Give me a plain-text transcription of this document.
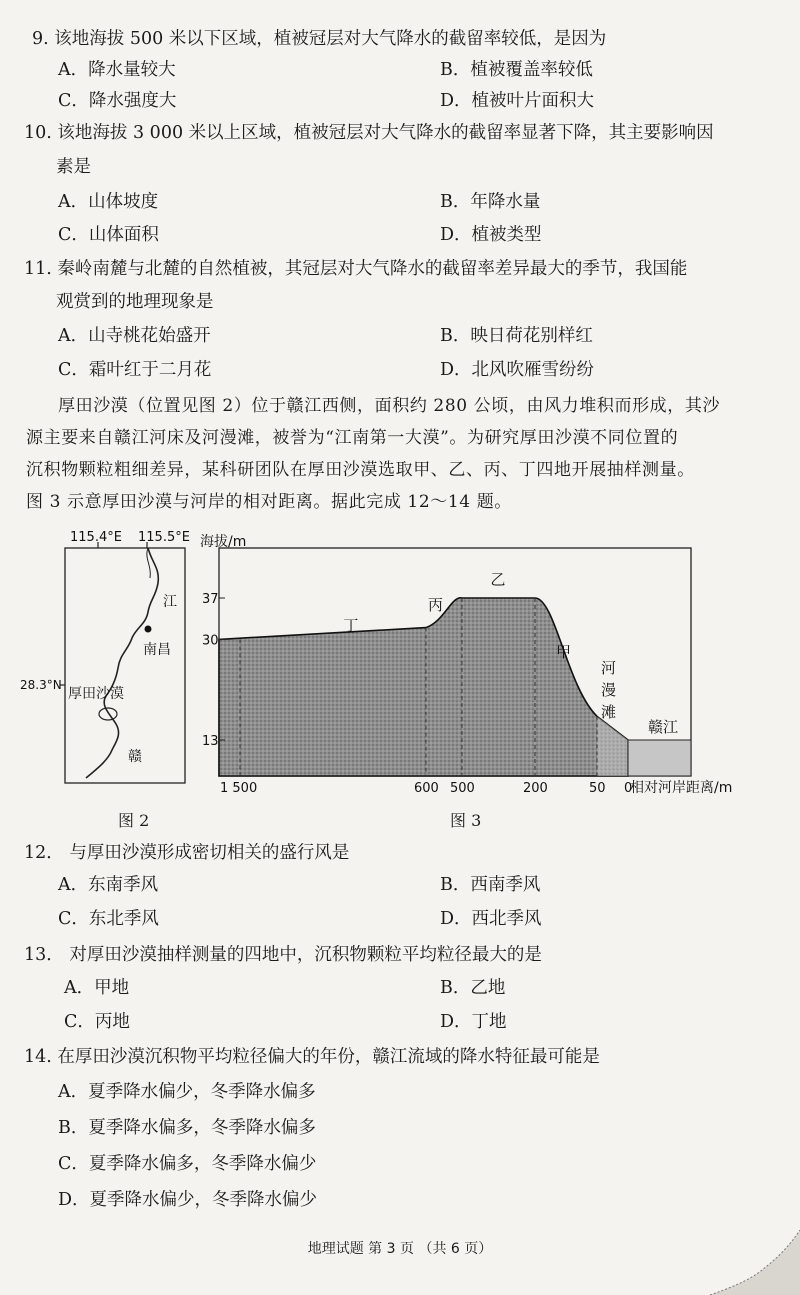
9. 该地海拔 500 米以下区域，植被冠层对大气降水的截留率较低，是因为
A．降水量较大	B．植被覆盖率较低
C．降水强度大	D．植被叶片面积大
10. 该地海拔 3 000 米以上区域，植被冠层对大气降水的截留率显著下降，其主要影响因
素是
A．山体坡度	B．年降水量
C．山体面积	D．植被类型
11. 秦岭南麓与北麓的自然植被，其冠层对大气降水的截留率差异最大的季节，我国能
观赏到的地理现象是
A．山寺桃花始盛开	B．映日荷花别样红
C．霜叶红于二月花	D．北风吹雁雪纷纷
厚田沙漠（位置见图 2）位于赣江西侧，面积约 280 公顷，由风力堆积而形成，其沙
源主要来自赣江河床及河漫滩，被誉为“江南第一大漠”。为研究厚田沙漠不同位置的
沉积物颗粒粗细差异，某科研团队在厚田沙漠选取甲、乙、丙、丁四地开展抽样测量。
图 3 示意厚田沙漠与河岸的相对距离。据此完成 12～14 题。
115.4°E 115.5°E
28.3°N
南昌
江
厚田沙漠
赣
图 2
海拔/m
37
30
13
1 500	600 500	200	50 0
丁
丙
乙
甲
河
漫
滩
赣江
相对河岸距离/m
图 3
12． 与厚田沙漠形成密切相关的盛行风是
A．东南季风	B．西南季风
C．东北季风	D．西北季风
13． 对厚田沙漠抽样测量的四地中，沉积物颗粒平均粒径最大的是
A．甲地	B．乙地
C．丙地	D．丁地
14. 在厚田沙漠沉积物平均粒径偏大的年份，赣江流域的降水特征最可能是
A．夏季降水偏少，冬季降水偏多
B．夏季降水偏多，冬季降水偏多
C．夏季降水偏多，冬季降水偏少
D．夏季降水偏少，冬季降水偏少
地理试题 第 3 页 （共 6 页）
